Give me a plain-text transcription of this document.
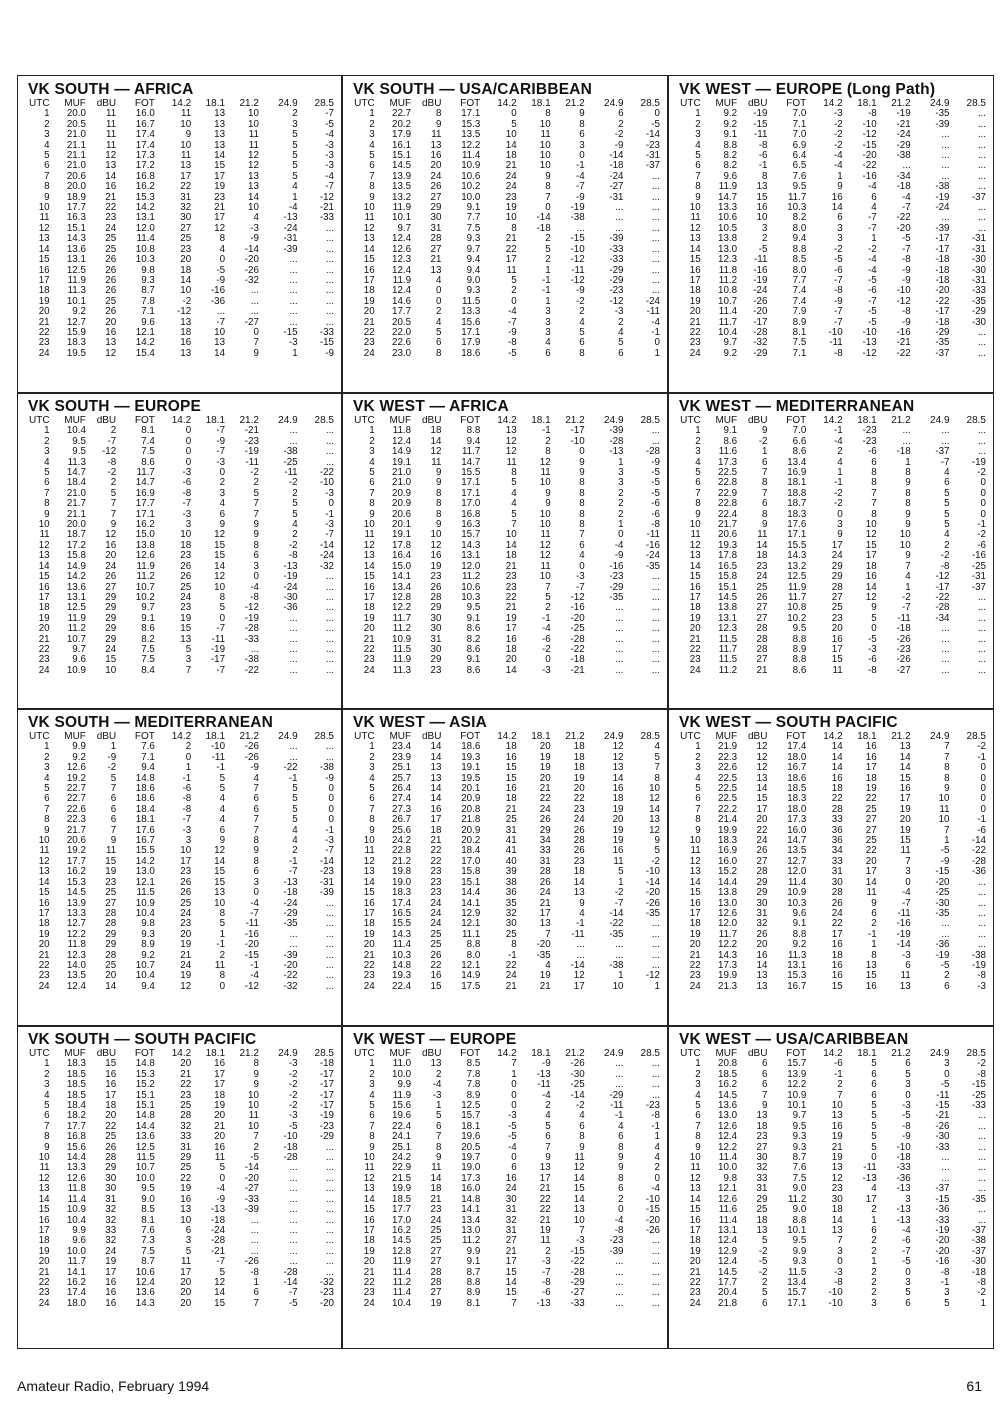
VK SOUTH — AFRICA
UTC	MUF	dBU	FOT	14.2	18.1	21.2	24.9	28.5
1	20.0	11	16.0	11	13	10	2	-7
2	20.5	11	16.7	10	13	10	3	-5
3	21.0	11	17.4	9	13	11	5	-4
4	21.1	11	17.4	10	13	11	5	-3
5	21.1	12	17.3	11	14	12	5	-3
6	21.0	13	17.2	13	15	12	5	-3
7	20.6	14	16.8	17	17	13	5	-4
8	20.0	16	16.2	22	19	13	4	-7
9	18.9	21	15.3	31	23	14	1	-12
10	17.7	22	14.2	32	21	10	-4	-21
11	16.3	23	13.1	30	17	4	-13	-33
12	15.1	24	12.0	27	12	-3	-24	...
13	14.3	25	11.4	25	8	-9	-31	...
14	13.6	25	10.8	23	4	-14	-39	...
15	13.1	26	10.3	20	0	-20	...	...
16	12.5	26	9.8	18	-5	-26	...	...
17	11.9	26	9.3	14	-9	-32	...	...
18	11.3	26	8.7	10	-16	...	...	...
19	10.1	25	7.8	-2	-36	...	...	...
20	9.2	26	7.1	-12	...	...	...	...
21	12.7	20	9.6	13	-7	-27	...	...
22	15.9	16	12.1	18	10	0	-15	-33
23	18.3	13	14.2	16	13	7	-3	-15
24	19.5	12	15.4	13	14	9	1	-9
VK SOUTH — USA/CARIBBEAN
UTC	MUF	dBU	FOT	14.2	18.1	21.2	24.9	28.5
1	22.7	8	17.1	0	8	9	6	0
2	20.2	9	15.3	5	10	8	2	-5
3	17.9	11	13.5	10	11	6	-2	-14
4	16.1	13	12.2	14	10	3	-9	-23
5	15.1	16	11.4	18	10	0	-14	-31
6	14.5	20	10.9	21	10	-1	-18	-37
7	13.9	24	10.6	24	9	-4	-24	...
8	13.5	26	10.2	24	8	-7	-27	...
9	13.2	27	10.0	23	7	-9	-31	...
10	11.9	29	9.1	19	0	-19	...	...
11	10.1	30	7.7	10	-14	-38	...	...
12	9.7	31	7.5	8	-18	...	...	...
13	12.4	28	9.3	21	2	-15	-39	...
14	12.6	27	9.7	22	5	-10	-33	...
15	12.3	21	9.4	17	2	-12	-33	...
16	12.4	13	9.4	11	1	-11	-29	...
17	11.9	4	9.0	5	-1	-12	-29	...
18	12.4	0	9.3	2	-1	-9	-23	...
19	14.6	0	11.5	0	1	-2	-12	-24
20	17.7	2	13.3	-4	3	2	-3	-11
21	20.5	4	15.6	-7	3	4	2	-4
22	22.0	5	17.1	-9	3	5	4	-1
23	22.6	6	17.9	-8	4	6	5	0
24	23.0	8	18.6	-5	6	8	6	1
VK WEST — EUROPE (Long Path)
UTC	MUF	dBU	FOT	14.2	18.1	21.2	24.9	28.5
1	9.2	-19	7.0	-3	-8	-19	-35	...
2	9.2	-15	7.1	-2	-10	-21	-39	...
3	9.1	-11	7.0	-2	-12	-24	...	...
4	8.8	-8	6.9	-2	-15	-29	...	...
5	8.2	-6	6.4	-4	-20	-38	...	...
6	8.2	-1	6.5	-4	-22	...	...	...
7	9.6	8	7.6	1	-16	-34	...	...
8	11.9	13	9.5	9	-4	-18	-38	...
9	14.7	15	11.7	16	6	-4	-19	-37
10	13.3	16	10.3	14	4	-7	-24	...
11	10.6	10	8.2	6	-7	-22	...	...
12	10.5	3	8.0	3	-7	-20	-39	...
13	13.8	2	9.4	3	1	-5	-17	-31
14	13.0	-5	8.8	-2	-2	-7	-17	-31
15	12.3	-11	8.5	-5	-4	-8	-18	-30
16	11.8	-16	8.0	-6	-4	-9	-18	-30
17	11.2	-19	7.7	-7	-5	-9	-18	-31
18	10.8	-24	7.4	-8	-6	-10	-20	-33
19	10.7	-26	7.4	-9	-7	-12	-22	-35
20	11.4	-20	7.9	-7	-5	-8	-17	-29
21	11.7	-17	8.9	-7	-5	-9	-18	-30
22	10.4	-28	8.1	-10	-10	-16	-29	...
23	9.7	-32	7.5	-11	-13	-21	-35	...
24	9.2	-29	7.1	-8	-12	-22	-37	...
VK SOUTH — EUROPE
UTC	MUF	dBU	FOT	14.2	18.1	21.2	24.9	28.5
1	10.4	2	8.1	0	-7	-21	...	...
2	9.5	-7	7.4	0	-9	-23	...	...
3	9.5	-12	7.5	0	-7	-19	-38	...
4	11.3	-8	8.6	0	-3	-11	-25	...
5	14.7	-2	11.7	-3	0	-2	-11	-22
6	18.4	2	14.7	-6	2	2	-2	-10
7	21.0	5	16.9	-8	3	5	2	-3
8	21.7	7	17.7	-7	4	7	5	0
9	21.1	7	17.1	-3	6	7	5	-1
10	20.0	9	16.2	3	9	9	4	-3
11	18.7	12	15.0	10	12	9	2	-7
12	17.2	16	13.8	18	15	8	-2	-14
13	15.8	20	12.6	23	15	6	-8	-24
14	14.9	24	11.9	26	14	3	-13	-32
15	14.2	26	11.2	26	12	0	-19	...
16	13.6	27	10.7	25	10	-4	-24	...
17	13.1	29	10.2	24	8	-8	-30	...
18	12.5	29	9.7	23	5	-12	-36	...
19	11.9	29	9.1	19	0	-19	...	...
20	11.2	29	8.6	15	-7	-28	...	...
21	10.7	29	8.2	13	-11	-33	...	...
22	9.7	24	7.5	5	-19	...	...	...
23	9.6	15	7.5	3	-17	-38	...	...
24	10.9	10	8.4	7	-7	-22	...	...
VK WEST — AFRICA
UTC	MUF	dBU	FOT	14.2	18.1	21.2	24.9	28.5
1	11.8	18	8.8	13	-1	-17	-39	...
2	12.4	14	9.4	12	2	-10	-28	...
3	14.9	12	11.7	12	8	0	-13	-28
4	19.1	11	14.7	11	12	9	1	-9
5	21.0	9	15.5	8	11	9	3	-5
6	21.0	9	17.1	5	10	8	3	-5
7	20.9	8	17.1	4	9	8	2	-5
8	20.9	8	17.0	4	9	8	2	-6
9	20.6	8	16.8	5	10	8	2	-6
10	20.1	9	16.3	7	10	8	1	-8
11	19.1	10	15.7	10	11	7	0	-11
12	17.8	12	14.3	14	12	6	-4	-16
13	16.4	16	13.1	18	12	4	-9	-24
14	15.0	19	12.0	21	11	0	-16	-35
15	14.1	23	11.2	23	10	-3	-23	...
16	13.4	26	10.6	23	7	-7	-29	...
17	12.8	28	10.3	22	5	-12	-35	...
18	12.2	29	9.5	21	2	-16	...	...
19	11.7	30	9.1	19	-1	-20	...	...
20	11.2	30	8.6	17	-4	-25	...	...
21	10.9	31	8.2	16	-6	-28	...	...
22	11.5	30	8.6	18	-2	-22	...	...
23	11.9	29	9.1	20	0	-18	...	...
24	11.3	23	8.6	14	-3	-21	...	...
VK WEST — MEDITERRANEAN
UTC	MUF	dBU	FOT	14.2	18.1	21.2	24.9	28.5
1	9.1	9	7.0	-1	-23	...	...	...
2	8.6	-2	6.6	-4	-23	...	...	...
3	11.6	1	8.6	2	-6	-18	-37	...
4	17.3	6	13.4	4	6	1	-7	-19
5	22.5	7	16.9	1	8	8	4	-2
6	22.8	8	18.1	-1	8	9	6	0
7	22.9	7	18.8	-2	7	8	5	0
8	22.8	6	18.7	-2	7	8	5	0
9	22.4	8	18.3	0	8	9	5	0
10	21.7	9	17.6	3	10	9	5	-1
11	20.6	11	17.1	9	12	10	4	-2
12	19.3	14	15.5	17	15	10	2	-6
13	17.8	18	14.3	24	17	9	-2	-16
14	16.5	23	13.2	29	18	7	-8	-25
15	15.8	24	12.5	29	16	4	-12	-31
16	15.1	25	11.9	28	14	1	-17	-37
17	14.5	26	11.7	27	12	-2	-22	...
18	13.8	27	10.8	25	9	-7	-28	...
19	13.1	27	10.2	23	5	-11	-34	...
20	12.3	28	9.5	20	0	-18	...	...
21	11.5	28	8.8	16	-5	-26	...	...
22	11.7	28	8.9	17	-3	-23	...	...
23	11.5	27	8.8	15	-6	-26	...	...
24	11.2	21	8.6	11	-8	-27	...	...
VK SOUTH — MEDITERRANEAN
UTC	MUF	dBU	FOT	14.2	18.1	21.2	24.9	28.5
1	9.9	1	7.6	2	-10	-26	...	...
2	9.2	-9	7.1	0	-11	-26	...	...
3	12.6	-2	9.4	1	-1	-9	-22	-38
4	19.2	5	14.8	-1	5	4	-1	-9
5	22.7	7	18.6	-6	5	7	5	0
6	22.7	6	18.6	-8	4	6	5	0
7	22.6	6	18.4	-8	4	6	5	0
8	22.3	6	18.1	-7	4	7	5	0
9	21.7	7	17.6	-3	6	7	4	-1
10	20.6	9	16.7	3	9	8	4	-3
11	19.2	11	15.5	10	12	9	2	-7
12	17.7	15	14.2	17	14	8	-1	-14
13	16.2	19	13.0	23	15	6	-7	-23
14	15.3	23	12.1	26	15	3	-13	-31
15	14.5	25	11.5	26	13	0	-18	-39
16	13.9	27	10.9	25	10	-4	-24	...
17	13.3	28	10.4	24	8	-7	-29	...
18	12.7	28	9.8	23	5	-11	-35	...
19	12.2	29	9.3	20	1	-16	...	...
20	11.8	29	8.9	19	-1	-20	...	...
21	12.3	28	9.2	21	2	-15	-39	...
22	14.0	25	10.7	24	11	-1	-20	...
23	13.5	20	10.4	19	8	-4	-22	...
24	12.4	14	9.4	12	0	-12	-32	...
VK WEST — ASIA
UTC	MUF	dBU	FOT	14.2	18.1	21.2	24.9	28.5
1	23.4	14	18.6	18	20	18	12	4
2	23.9	14	19.3	16	19	18	12	5
3	25.1	13	19.1	15	19	18	13	7
4	25.7	13	19.5	15	20	19	14	8
5	26.4	14	20.1	16	21	20	16	10
6	27.4	14	20.9	18	22	22	18	12
7	27.3	16	20.8	21	24	23	19	14
8	26.7	17	21.8	25	26	24	20	13
9	25.6	18	20.9	31	29	26	19	12
10	24.2	21	20.2	41	34	28	19	9
11	22.8	22	18.4	41	33	26	16	5
12	21.2	22	17.0	40	31	23	11	-2
13	19.8	23	15.8	39	28	18	5	-10
14	19.0	23	15.1	38	26	14	1	-14
15	18.3	23	14.4	36	24	13	-2	-20
16	17.4	24	14.1	35	21	9	-7	-26
17	16.5	24	12.9	32	17	4	-14	-35
18	15.5	24	12.1	30	13	-1	-22	...
19	14.3	25	11.1	25	7	-11	-35	...
20	11.4	25	8.8	8	-20	...	...	...
21	10.3	26	8.0	-1	-35	...	...	...
22	14.8	22	12.1	22	4	-14	-38	...
23	19.3	16	14.9	24	19	12	1	-12
24	22.4	15	17.5	21	21	17	10	1
VK WEST — SOUTH PACIFIC
UTC	MUF	dBU	FOT	14.2	18.1	21.2	24.9	28.5
1	21.9	12	17.4	14	16	13	7	-2
2	22.3	12	18.0	14	16	14	7	-1
3	22.6	12	16.7	14	17	14	8	0
4	22.5	13	18.6	16	18	15	8	0
5	22.5	14	18.5	18	19	16	9	0
6	22.5	15	18.3	22	22	17	10	0
7	22.2	17	18.0	28	25	19	11	0
8	21.4	20	17.3	33	27	20	10	-1
9	19.9	22	16.0	36	27	19	7	-6
10	18.3	24	14.7	36	25	15	1	-14
11	16.9	26	13.5	34	22	11	-5	-22
12	16.0	27	12.7	33	20	7	-9	-28
13	15.2	28	12.0	31	17	3	-15	-36
14	14.4	29	11.4	30	14	0	-20	...
15	13.8	29	10.9	28	11	-4	-25	...
16	13.0	30	10.3	26	9	-7	-30	...
17	12.6	31	9.6	24	6	-11	-35	...
18	12.0	32	9.1	22	2	-16	...	...
19	11.7	26	8.8	17	-1	-19	...	...
20	12.2	20	9.2	16	1	-14	-36	...
21	14.3	16	11.3	18	8	-3	-19	-38
22	17.3	14	13.1	16	13	6	-5	-19
23	19.9	13	15.3	16	15	11	2	-8
24	21.3	13	16.7	15	16	13	6	-3
VK SOUTH — SOUTH PACIFIC
UTC	MUF	dBU	FOT	14.2	18.1	21.2	24.9	28.5
1	18.3	15	14.8	20	16	8	-3	-18
2	18.5	16	15.3	21	17	9	-2	-17
3	18.5	16	15.2	22	17	9	-2	-17
4	18.5	17	15.1	23	18	10	-2	-17
5	18.4	18	15.1	25	19	10	-2	-17
6	18.2	20	14.8	28	20	11	-3	-19
7	17.7	22	14.4	32	21	10	-5	-23
8	16.8	25	13.6	33	20	7	-10	-29
9	15.6	26	12.5	31	16	2	-18	...
10	14.4	28	11.5	29	11	-5	-28	...
11	13.3	29	10.7	25	5	-14	...	...
12	12.6	30	10.0	22	0	-20	...	...
13	11.8	30	9.5	19	-4	-27	...	...
14	11.4	31	9.0	16	-9	-33	...	...
15	10.9	32	8.5	13	-13	-39	...	...
16	10.4	32	8.1	10	-18	...	...	...
17	9.9	33	7.6	6	-24	...	...	...
18	9.6	32	7.3	3	-28	...	...	...
19	10.0	24	7.5	5	-21	...	...	...
20	11.7	19	8.7	11	-7	-26	...	...
21	14.1	17	10.6	17	5	-8	-28	...
22	16.2	16	12.4	20	12	1	-14	-32
23	17.4	16	13.6	20	14	6	-7	-23
24	18.0	16	14.3	20	15	7	-5	-20
VK WEST — EUROPE
UTC	MUF	dBU	FOT	14.2	18.1	21.2	24.9	28.5
1	11.0	13	8.5	7	-9	-26	...	...
2	10.0	2	7.8	1	-13	-30	...	...
3	9.9	-4	7.8	0	-11	-25	...	...
4	11.9	-3	8.9	0	-4	-14	-29	...
5	15.6	1	12.5	0	2	-2	-11	-23
6	19.6	5	15.7	-3	4	4	-1	-8
7	22.4	6	18.1	-5	5	6	4	-1
8	24.1	7	19.6	-5	6	8	6	1
9	25.1	8	20.5	-4	7	9	8	4
10	24.2	9	19.7	0	9	11	9	4
11	22.9	11	19.0	6	13	12	9	2
12	21.5	14	17.3	16	17	14	8	0
13	19.9	18	16.0	24	21	15	6	-4
14	18.5	21	14.8	30	22	14	2	-10
15	17.7	23	14.1	31	22	13	0	-15
16	17.0	24	13.4	32	21	10	-4	-20
17	16.2	25	13.0	31	19	7	-8	-26
18	14.5	25	11.2	27	11	-3	-23	...
19	12.8	27	9.9	21	2	-15	-39	...
20	11.9	27	9.1	17	-3	-22	...	...
21	11.4	28	8.7	15	-7	-28	...	...
22	11.2	28	8.8	14	-8	-29	...	...
23	11.4	27	8.9	15	-6	-27	...	...
24	10.4	19	8.1	7	-13	-33	...	...
VK WEST — USA/CARIBBEAN
UTC	MUF	dBU	FOT	14.2	18.1	21.2	24.9	28.5
1	20.8	6	15.7	-6	5	6	3	-2
2	18.5	6	13.9	-1	6	5	0	-8
3	16.2	6	12.2	2	6	3	-5	-15
4	14.5	7	10.9	7	6	0	-11	-25
5	13.6	9	10.1	10	5	-3	-15	-33
6	13.0	13	9.7	13	5	-5	-21	...
7	12.6	18	9.5	16	5	-8	-26	...
8	12.4	23	9.3	19	5	-9	-30	...
9	12.2	27	9.3	21	5	-10	-33	...
10	11.4	30	8.7	19	0	-18	...	...
11	10.0	32	7.6	13	-11	-33	...	...
12	9.8	33	7.5	12	-13	-36	...	...
13	12.1	31	9.0	23	4	-13	-37	...
14	12.6	29	11.2	30	17	3	-15	-35
15	11.6	25	9.0	18	2	-13	-36	...
16	11.4	18	8.8	14	1	-13	-33	...
17	13.1	13	10.1	13	6	-4	-19	-37
18	12.4	5	9.5	7	2	-6	-20	-38
19	12.9	-2	9.9	3	2	-7	-20	-37
20	12.4	-5	9.3	0	1	-5	-16	-30
21	14.5	-2	11.5	-3	2	0	-8	-18
22	17.7	2	13.4	-8	2	3	-1	-8
23	20.4	5	15.7	-10	2	5	3	-2
24	21.8	6	17.1	-10	3	6	5	1
Amateur Radio, February 1994	61
